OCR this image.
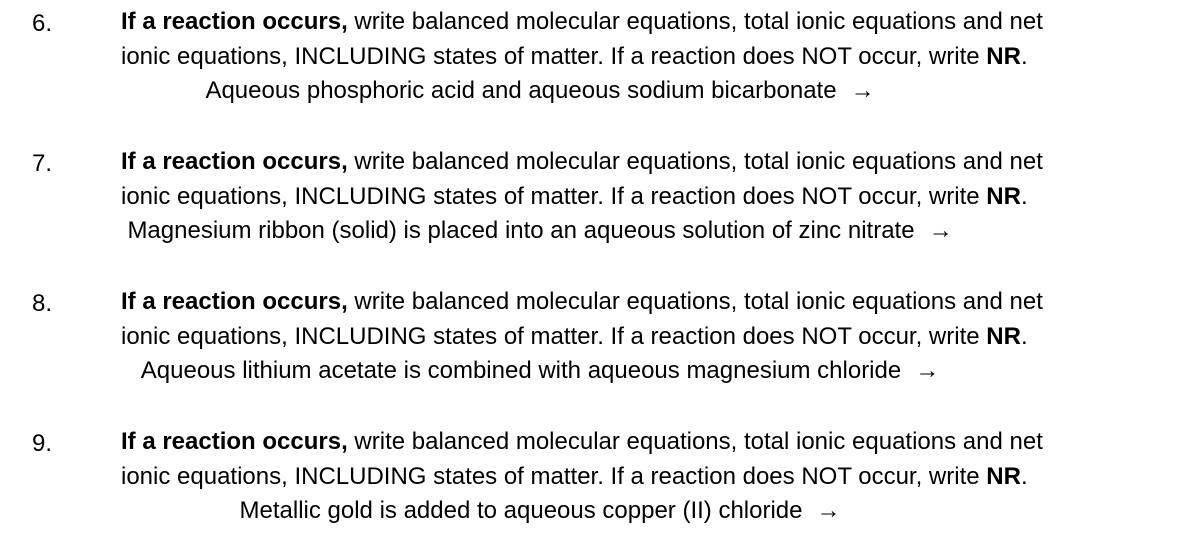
6.	If a reaction occurs, write balanced molecular equations, total ionic equations and net
ionic equations, INCLUDING states of matter. If a reaction does NOT occur, write NR.
Aqueous phosphoric acid and aqueous sodium bicarbonate →
7.	If a reaction occurs, write balanced molecular equations, total ionic equations and net
ionic equations, INCLUDING states of matter. If a reaction does NOT occur, write NR.
Magnesium ribbon (solid) is placed into an aqueous solution of zinc nitrate →
8.	If a reaction occurs, write balanced molecular equations, total ionic equations and net
ionic equations, INCLUDING states of matter. If a reaction does NOT occur, write NR.
Aqueous lithium acetate is combined with aqueous magnesium chloride →
9.	If a reaction occurs, write balanced molecular equations, total ionic equations and net
ionic equations, INCLUDING states of matter. If a reaction does NOT occur, write NR.
Metallic gold is added to aqueous copper (II) chloride →
